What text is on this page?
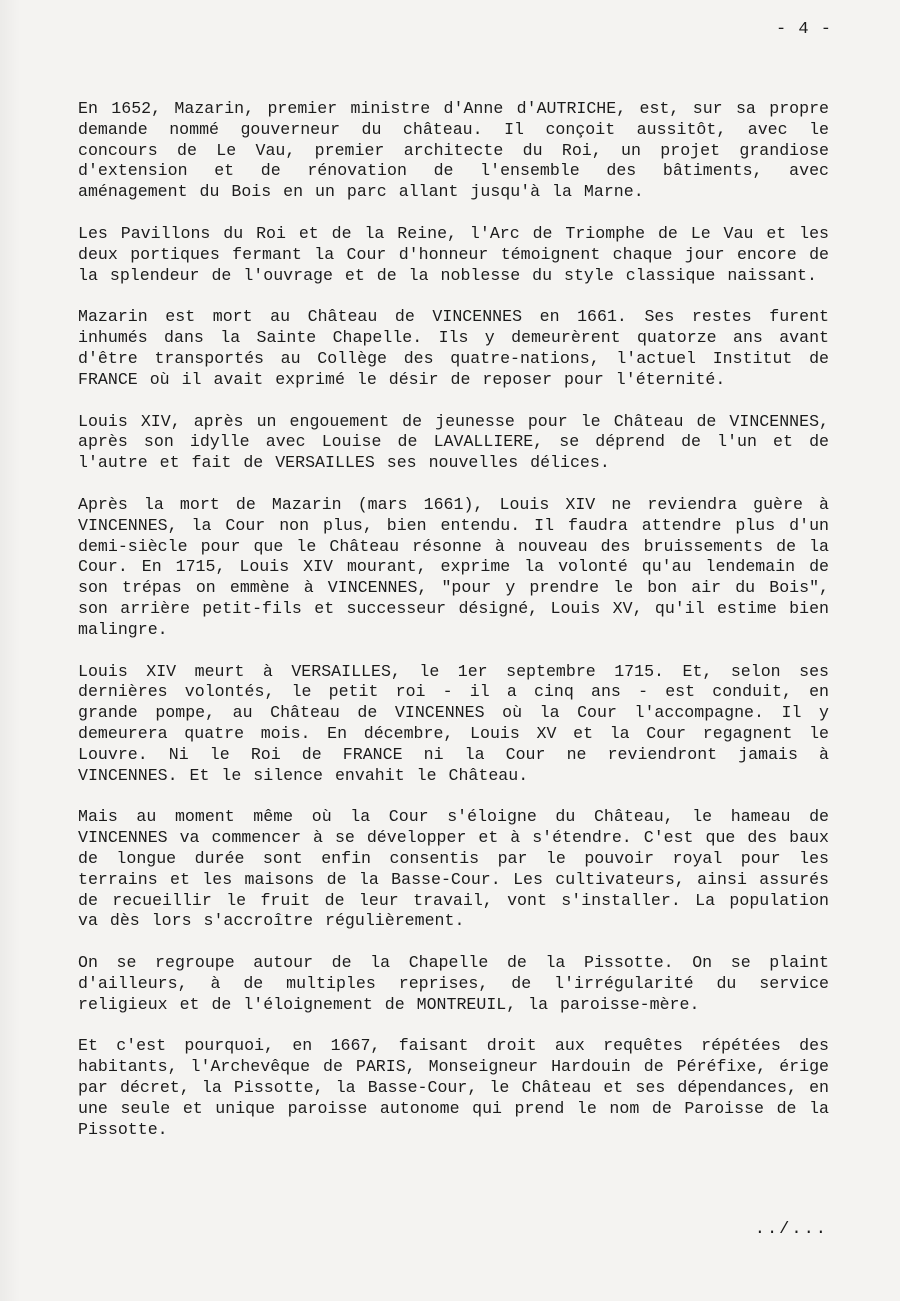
- 4 -

En 1652, Mazarin, premier ministre d'Anne d'AUTRICHE, est, sur sa propre demande nommé gouverneur du château. Il conçoit aussitôt, avec le concours de Le Vau, premier architecte du Roi, un projet grandiose d'extension et de rénovation de l'ensemble des bâtiments, avec aménagement du Bois en un parc allant jusqu'à la Marne.

Les Pavillons du Roi et de la Reine, l'Arc de Triomphe de Le Vau et les deux portiques fermant la Cour d'honneur témoignent chaque jour encore de la splendeur de l'ouvrage et de la noblesse du style classique naissant.

Mazarin est mort au Château de VINCENNES en 1661. Ses restes furent inhumés dans la Sainte Chapelle. Ils y demeurèrent quatorze ans avant d'être transportés au Collège des quatre-nations, l'actuel Institut de FRANCE où il avait exprimé le désir de reposer pour l'éternité.

Louis XIV, après un engouement de jeunesse pour le Château de VINCENNES, après son idylle avec Louise de LAVALLIERE, se déprend de l'un et de l'autre et fait de VERSAILLES ses nouvelles délices.

Après la mort de Mazarin (mars 1661), Louis XIV ne reviendra guère à VINCENNES, la Cour non plus, bien entendu. Il faudra attendre plus d'un demi-siècle pour que le Château résonne à nouveau des bruissements de la Cour. En 1715, Louis XIV mourant, exprime la volonté qu'au lendemain de son trépas on emmène à VINCENNES, "pour y prendre le bon air du Bois", son arrière petit-fils et successeur désigné, Louis XV, qu'il estime bien malingre.

Louis XIV meurt à VERSAILLES, le 1er septembre 1715. Et, selon ses dernières volontés, le petit roi - il a cinq ans - est conduit, en grande pompe, au Château de VINCENNES où la Cour l'accompagne. Il y demeurera quatre mois. En décembre, Louis XV et la Cour regagnent le Louvre. Ni le Roi de FRANCE ni la Cour ne reviendront jamais à VINCENNES. Et le silence envahit le Château.

Mais au moment même où la Cour s'éloigne du Château, le hameau de VINCENNES va commencer à se développer et à s'étendre. C'est que des baux de longue durée sont enfin consentis par le pouvoir royal pour les terrains et les maisons de la Basse-Cour. Les cultivateurs, ainsi assurés de recueillir le fruit de leur travail, vont s'installer. La population va dès lors s'accroître régulièrement.

On se regroupe autour de la Chapelle de la Pissotte. On se plaint d'ailleurs, à de multiples reprises, de l'irrégularité du service religieux et de l'éloignement de MONTREUIL, la paroisse-mère.

Et c'est pourquoi, en 1667, faisant droit aux requêtes répétées des habitants, l'Archevêque de PARIS, Monseigneur Hardouin de Péréfixe, érige par décret, la Pissotte, la Basse-Cour, le Château et ses dépendances, en une seule et unique paroisse autonome qui prend le nom de Paroisse de la Pissotte.

../...
